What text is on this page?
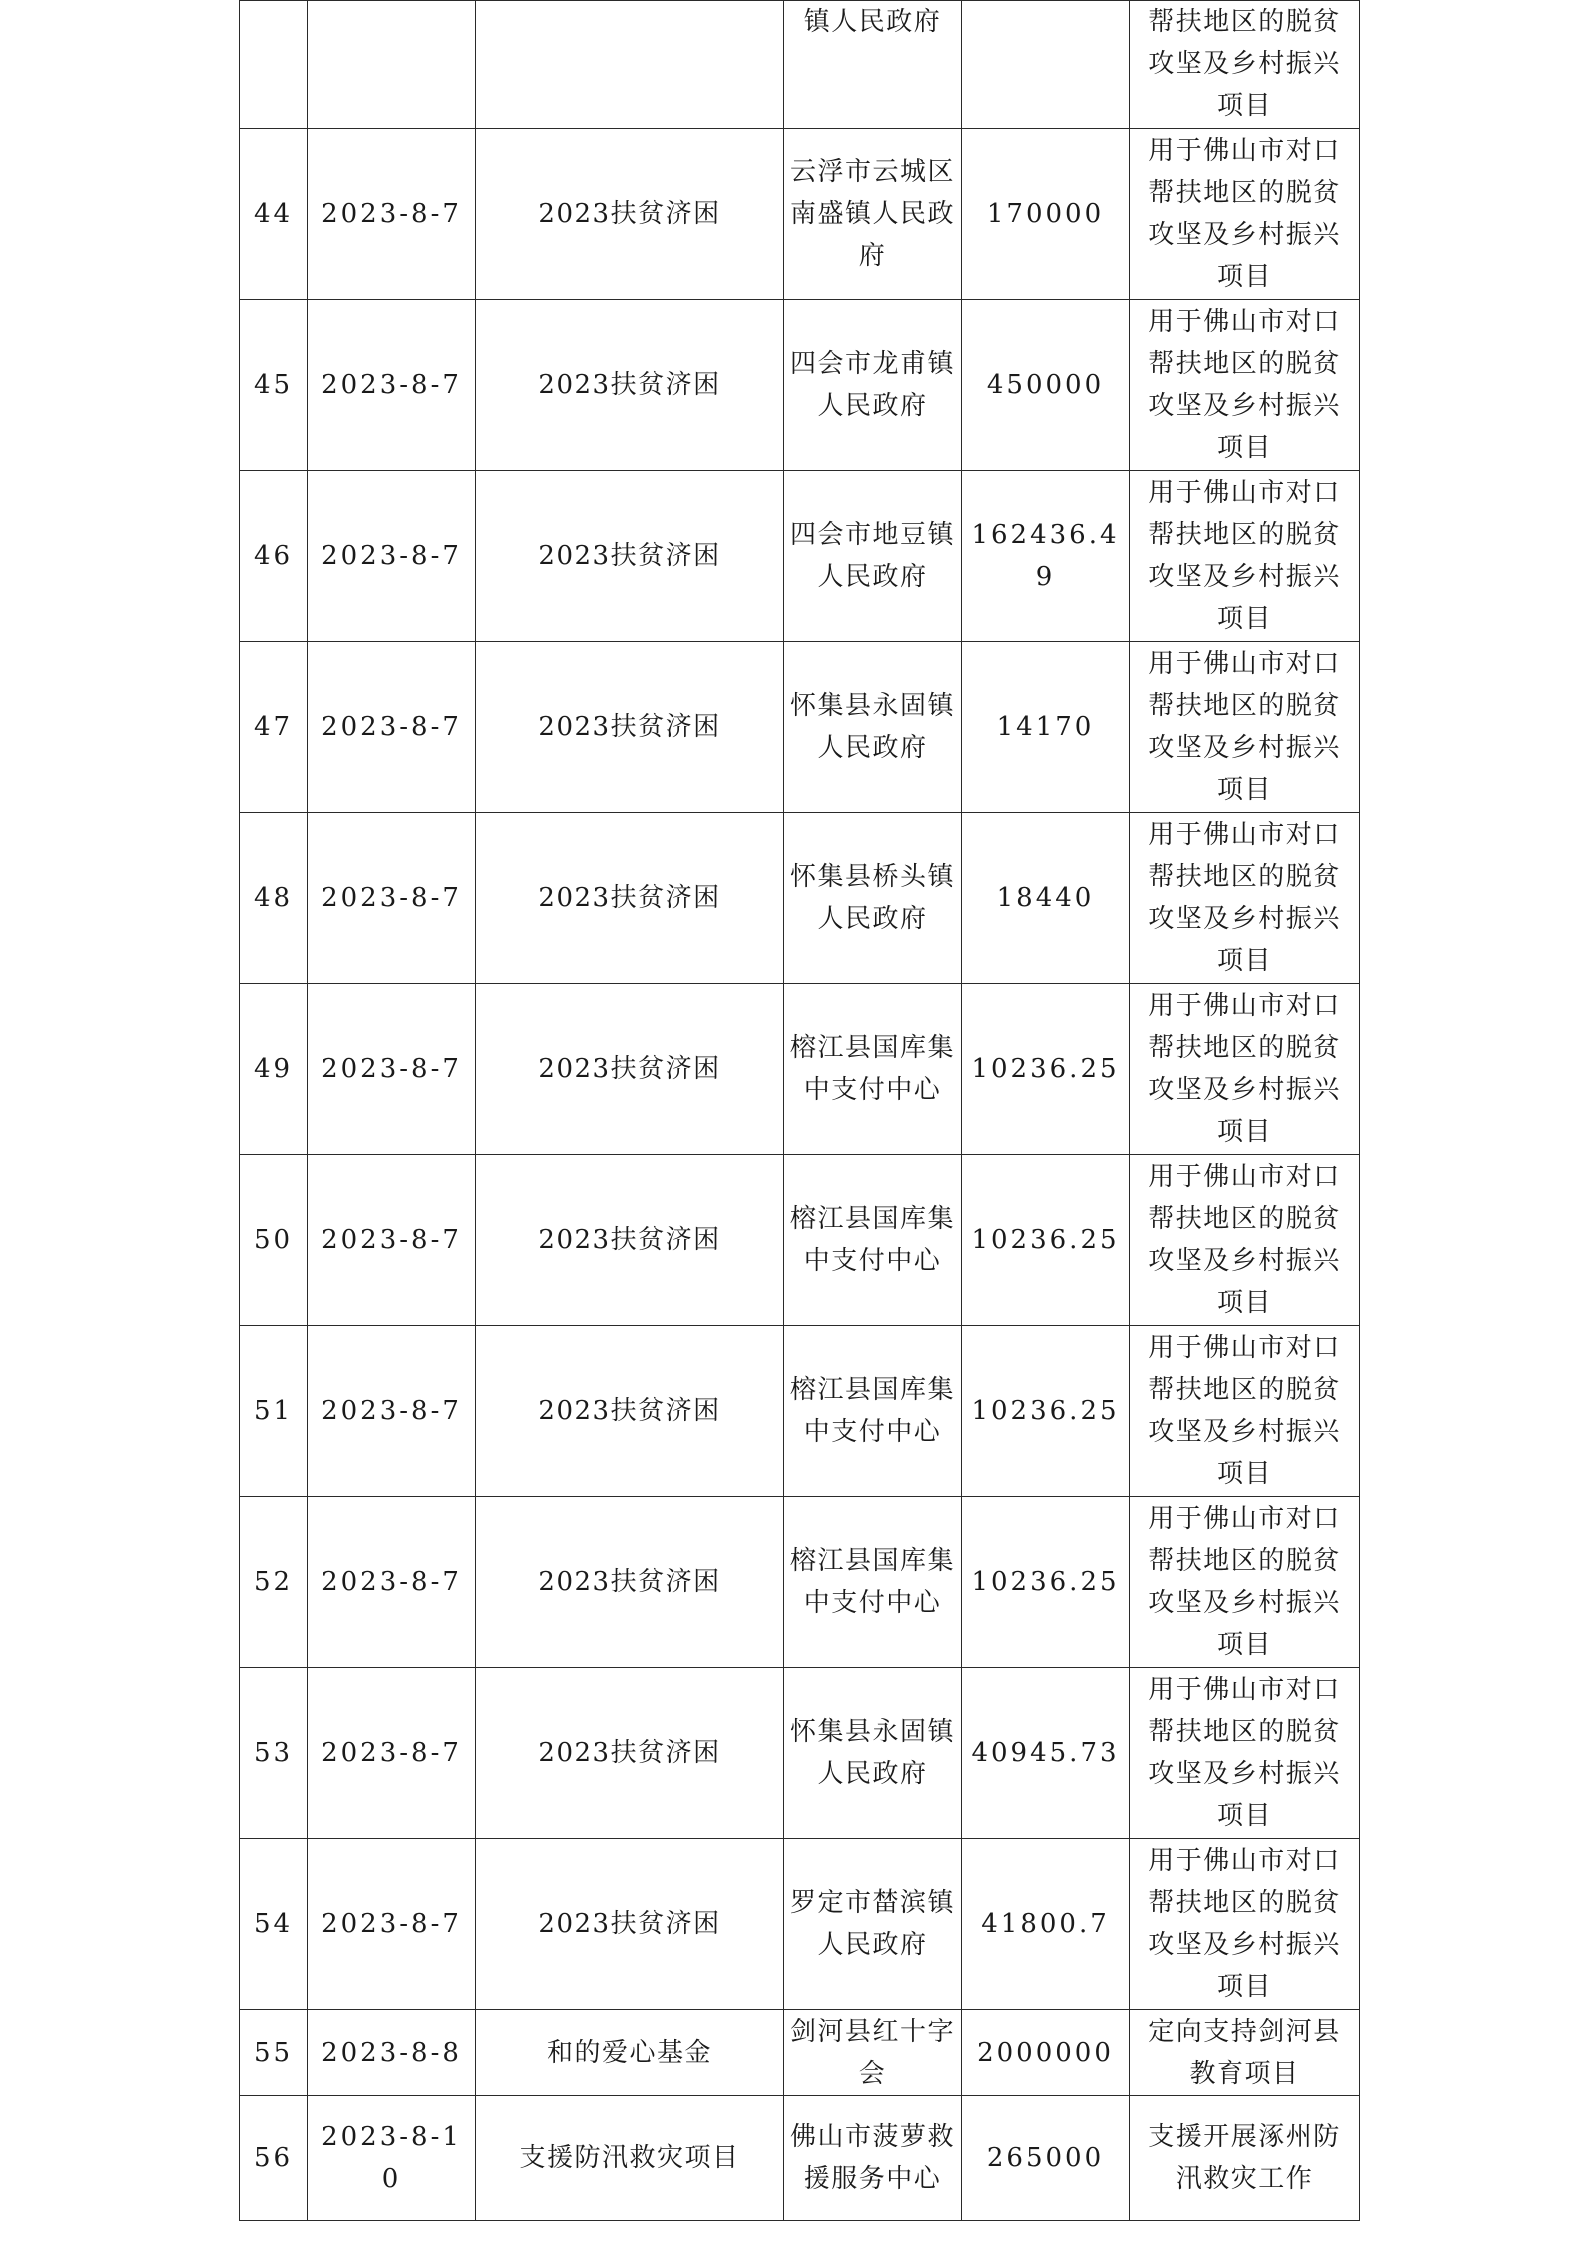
			镇人民政府		帮扶地区的脱贫攻坚及乡村振兴项目

44	2023-8-7	2023扶贫济困	云浮市云城区南盛镇人民政府	170000	用于佛山市对口帮扶地区的脱贫攻坚及乡村振兴项目

45	2023-8-7	2023扶贫济困	四会市龙甫镇人民政府	450000	用于佛山市对口帮扶地区的脱贫攻坚及乡村振兴项目

46	2023-8-7	2023扶贫济困	四会市地豆镇人民政府	162436.49	用于佛山市对口帮扶地区的脱贫攻坚及乡村振兴项目

47	2023-8-7	2023扶贫济困	怀集县永固镇人民政府	14170	用于佛山市对口帮扶地区的脱贫攻坚及乡村振兴项目

48	2023-8-7	2023扶贫济困	怀集县桥头镇人民政府	18440	用于佛山市对口帮扶地区的脱贫攻坚及乡村振兴项目

49	2023-8-7	2023扶贫济困	榕江县国库集中支付中心	10236.25	用于佛山市对口帮扶地区的脱贫攻坚及乡村振兴项目

50	2023-8-7	2023扶贫济困	榕江县国库集中支付中心	10236.25	用于佛山市对口帮扶地区的脱贫攻坚及乡村振兴项目

51	2023-8-7	2023扶贫济困	榕江县国库集中支付中心	10236.25	用于佛山市对口帮扶地区的脱贫攻坚及乡村振兴项目

52	2023-8-7	2023扶贫济困	榕江县国库集中支付中心	10236.25	用于佛山市对口帮扶地区的脱贫攻坚及乡村振兴项目

53	2023-8-7	2023扶贫济困	怀集县永固镇人民政府	40945.73	用于佛山市对口帮扶地区的脱贫攻坚及乡村振兴项目

54	2023-8-7	2023扶贫济困	罗定市榃滨镇人民政府	41800.7	用于佛山市对口帮扶地区的脱贫攻坚及乡村振兴项目

55	2023-8-8	和的爱心基金	剑河县红十字会	2000000	定向支持剑河县教育项目

56	2023-8-10	支援防汛救灾项目	佛山市菠萝救援服务中心	265000	支援开展涿州防汛救灾工作
